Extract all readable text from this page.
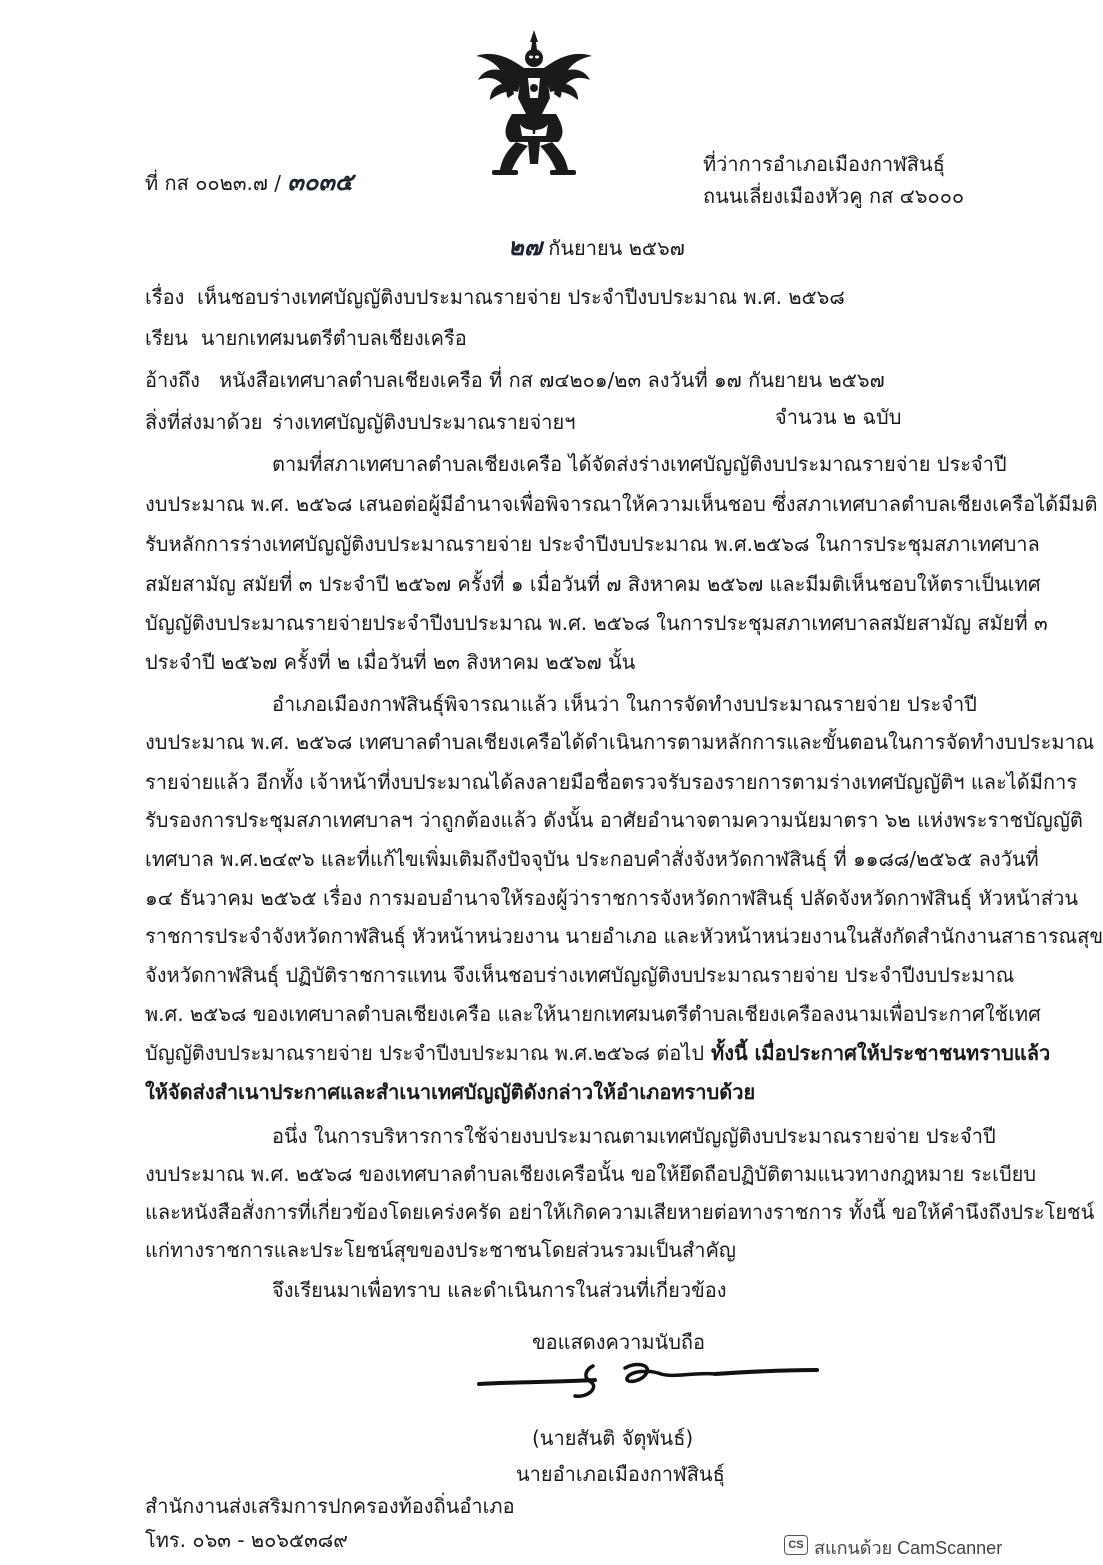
ที่ กส ๐๐๒๓.๗ / ๓๐๓๕
ที่ว่าการอำเภอเมืองกาฬสินธุ์
ถนนเลี่ยงเมืองหัวคู กส ๔๖๐๐๐
๒๗ กันยายน ๒๕๖๗
เรื่อง เห็นชอบร่างเทศบัญญัติงบประมาณรายจ่าย ประจำปีงบประมาณ พ.ศ. ๒๕๖๘
เรียน นายกเทศมนตรีตำบลเชียงเครือ
อ้างถึง หนังสือเทศบาลตำบลเชียงเครือ ที่ กส ๗๔๒๐๑/๒๓ ลงวันที่ ๑๗ กันยายน ๒๕๖๗
สิ่งที่ส่งมาด้วย ร่างเทศบัญญัติงบประมาณรายจ่ายฯ	จำนวน ๒ ฉบับ
ตามที่สภาเทศบาลตำบลเชียงเครือ ได้จัดส่งร่างเทศบัญญัติงบประมาณรายจ่าย ประจำปี
งบประมาณ พ.ศ. ๒๕๖๘ เสนอต่อผู้มีอำนาจเพื่อพิจารณาให้ความเห็นชอบ ซึ่งสภาเทศบาลตำบลเชียงเครือได้มีมติ
รับหลักการร่างเทศบัญญัติงบประมาณรายจ่าย ประจำปีงบประมาณ พ.ศ.๒๕๖๘ ในการประชุมสภาเทศบาล
สมัยสามัญ สมัยที่ ๓ ประจำปี ๒๕๖๗ ครั้งที่ ๑ เมื่อวันที่ ๗ สิงหาคม ๒๕๖๗ และมีมติเห็นชอบให้ตราเป็นเทศ
บัญญัติงบประมาณรายจ่ายประจำปีงบประมาณ พ.ศ. ๒๕๖๘ ในการประชุมสภาเทศบาลสมัยสามัญ สมัยที่ ๓
ประจำปี ๒๕๖๗ ครั้งที่ ๒ เมื่อวันที่ ๒๓ สิงหาคม ๒๕๖๗ นั้น
อำเภอเมืองกาฬสินธุ์พิจารณาแล้ว เห็นว่า ในการจัดทำงบประมาณรายจ่าย ประจำปี
งบประมาณ พ.ศ. ๒๕๖๘ เทศบาลตำบลเชียงเครือได้ดำเนินการตามหลักการและขั้นตอนในการจัดทำงบประมาณ
รายจ่ายแล้ว อีกทั้ง เจ้าหน้าที่งบประมาณได้ลงลายมือชื่อตรวจรับรองรายการตามร่างเทศบัญญัติฯ และได้มีการ
รับรองการประชุมสภาเทศบาลฯ ว่าถูกต้องแล้ว ดังนั้น อาศัยอำนาจตามความนัยมาตรา ๖๒ แห่งพระราชบัญญัติ
เทศบาล พ.ศ.๒๔๙๖ และที่แก้ไขเพิ่มเติมถึงปัจจุบัน ประกอบคำสั่งจังหวัดกาฬสินธุ์ ที่ ๑๑๘๘/๒๕๖๕ ลงวันที่
๑๔ ธันวาคม ๒๕๖๕ เรื่อง การมอบอำนาจให้รองผู้ว่าราชการจังหวัดกาฬสินธุ์ ปลัดจังหวัดกาฬสินธุ์ หัวหน้าส่วน
ราชการประจำจังหวัดกาฬสินธุ์ หัวหน้าหน่วยงาน นายอำเภอ และหัวหน้าหน่วยงานในสังกัดสำนักงานสาธารณสุข
จังหวัดกาฬสินธุ์ ปฏิบัติราชการแทน จึงเห็นชอบร่างเทศบัญญัติงบประมาณรายจ่าย ประจำปีงบประมาณ
พ.ศ. ๒๕๖๘ ของเทศบาลตำบลเชียงเครือ และให้นายกเทศมนตรีตำบลเชียงเครือลงนามเพื่อประกาศใช้เทศ
บัญญัติงบประมาณรายจ่าย ประจำปีงบประมาณ พ.ศ.๒๕๖๘ ต่อไป ทั้งนี้ เมื่อประกาศให้ประชาชนทราบแล้ว
ให้จัดส่งสำเนาประกาศและสำเนาเทศบัญญัติดังกล่าวให้อำเภอทราบด้วย
อนึ่ง ในการบริหารการใช้จ่ายงบประมาณตามเทศบัญญัติงบประมาณรายจ่าย ประจำปี
งบประมาณ พ.ศ. ๒๕๖๘ ของเทศบาลตำบลเชียงเครือนั้น ขอให้ยึดถือปฏิบัติตามแนวทางกฎหมาย ระเบียบ
และหนังสือสั่งการที่เกี่ยวข้องโดยเคร่งครัด อย่าให้เกิดความเสียหายต่อทางราชการ ทั้งนี้ ขอให้คำนึงถึงประโยชน์
แก่ทางราชการและประโยชน์สุขของประชาชนโดยส่วนรวมเป็นสำคัญ
จึงเรียนมาเพื่อทราบ และดำเนินการในส่วนที่เกี่ยวข้อง
ขอแสดงความนับถือ
(นายสันติ จัตุพันธ์)
นายอำเภอเมืองกาฬสินธุ์
สำนักงานส่งเสริมการปกครองท้องถิ่นอำเภอ
โทร. ๐๖๓ - ๒๐๖๕๓๘๙	CS สแกนด้วย CamScanner
